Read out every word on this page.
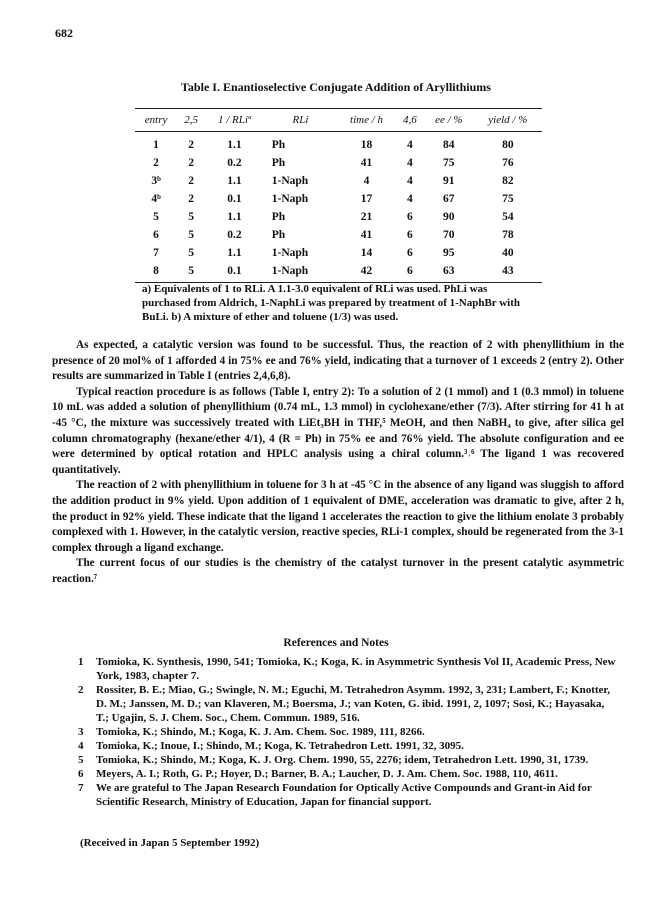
682
Table I. Enantioselective Conjugate Addition of Aryllithiums
entry	2,5	1 / RLiª	RLi	time / h	4,6	ee / %	yield / %
1	2	1.1	Ph	18	4	84	80
2	2	0.2	Ph	41	4	75	76
3ᵇ	2	1.1	1-Naph	4	4	91	82
4ᵇ	2	0.1	1-Naph	17	4	67	75
5	5	1.1	Ph	21	6	90	54
6	5	0.2	Ph	41	6	70	78
7	5	1.1	1-Naph	14	6	95	40
8	5	0.1	1-Naph	42	6	63	43
a) Equivalents of 1 to RLi. A 1.1-3.0 equivalent of RLi was used. PhLi was purchased from Aldrich, 1-NaphLi was prepared by treatment of 1-NaphBr with BuLi. b) A mixture of ether and toluene (1/3) was used.

As expected, a catalytic version was found to be successful. Thus, the reaction of 2 with phenyllithium in the presence of 20 mol% of 1 afforded 4 in 75% ee and 76% yield, indicating that a turnover of 1 exceeds 2 (entry 2). Other results are summarized in Table I (entries 2,4,6,8).

Typical reaction procedure is as follows (Table I, entry 2): To a solution of 2 (1 mmol) and 1 (0.3 mmol) in toluene 10 mL was added a solution of phenyllithium (0.74 mL, 1.3 mmol) in cyclohexane/ether (7/3). After stirring for 41 h at -45 °C, the mixture was successively treated with LiEt₃BH in THF,⁵ MeOH, and then NaBH₄ to give, after silica gel column chromatography (hexane/ether 4/1), 4 (R = Ph) in 75% ee and 76% yield. The absolute configuration and ee were determined by optical rotation and HPLC analysis using a chiral column.³˒⁶ The ligand 1 was recovered quantitatively.

The reaction of 2 with phenyllithium in toluene for 3 h at -45 °C in the absence of any ligand was sluggish to afford the addition product in 9% yield. Upon addition of 1 equivalent of DME, acceleration was dramatic to give, after 2 h, the product in 92% yield. These indicate that the ligand 1 accelerates the reaction to give the lithium enolate 3 probably complexed with 1. However, in the catalytic version, reactive species, RLi-1 complex, should be regenerated from the 3-1 complex through a ligand exchange.

The current focus of our studies is the chemistry of the catalyst turnover in the present catalytic asymmetric reaction.⁷

References and Notes
1 Tomioka, K. Synthesis, 1990, 541; Tomioka, K.; Koga, K. in Asymmetric Synthesis Vol II, Academic Press, New York, 1983, chapter 7.
2 Rossiter, B. E.; Miao, G.; Swingle, N. M.; Eguchi, M. Tetrahedron Asymm. 1992, 3, 231; Lambert, F.; Knotter, D. M.; Janssen, M. D.; van Klaveren, M.; Boersma, J.; van Koten, G. ibid. 1991, 2, 1097; Sosi, K.; Hayasaka, T.; Ugajin, S. J. Chem. Soc., Chem. Commun. 1989, 516.
3 Tomioka, K.; Shindo, M.; Koga, K. J. Am. Chem. Soc. 1989, 111, 8266.
4 Tomioka, K.; Inoue, I.; Shindo, M.; Koga, K. Tetrahedron Lett. 1991, 32, 3095.
5 Tomioka, K.; Shindo, M.; Koga, K. J. Org. Chem. 1990, 55, 2276; idem, Tetrahedron Lett. 1990, 31, 1739.
6 Meyers, A. I.; Roth, G. P.; Hoyer, D.; Barner, B. A.; Laucher, D. J. Am. Chem. Soc. 1988, 110, 4611.
7 We are grateful to The Japan Research Foundation for Optically Active Compounds and Grant-in Aid for Scientific Research, Ministry of Education, Japan for financial support.
(Received in Japan 5 September 1992)
